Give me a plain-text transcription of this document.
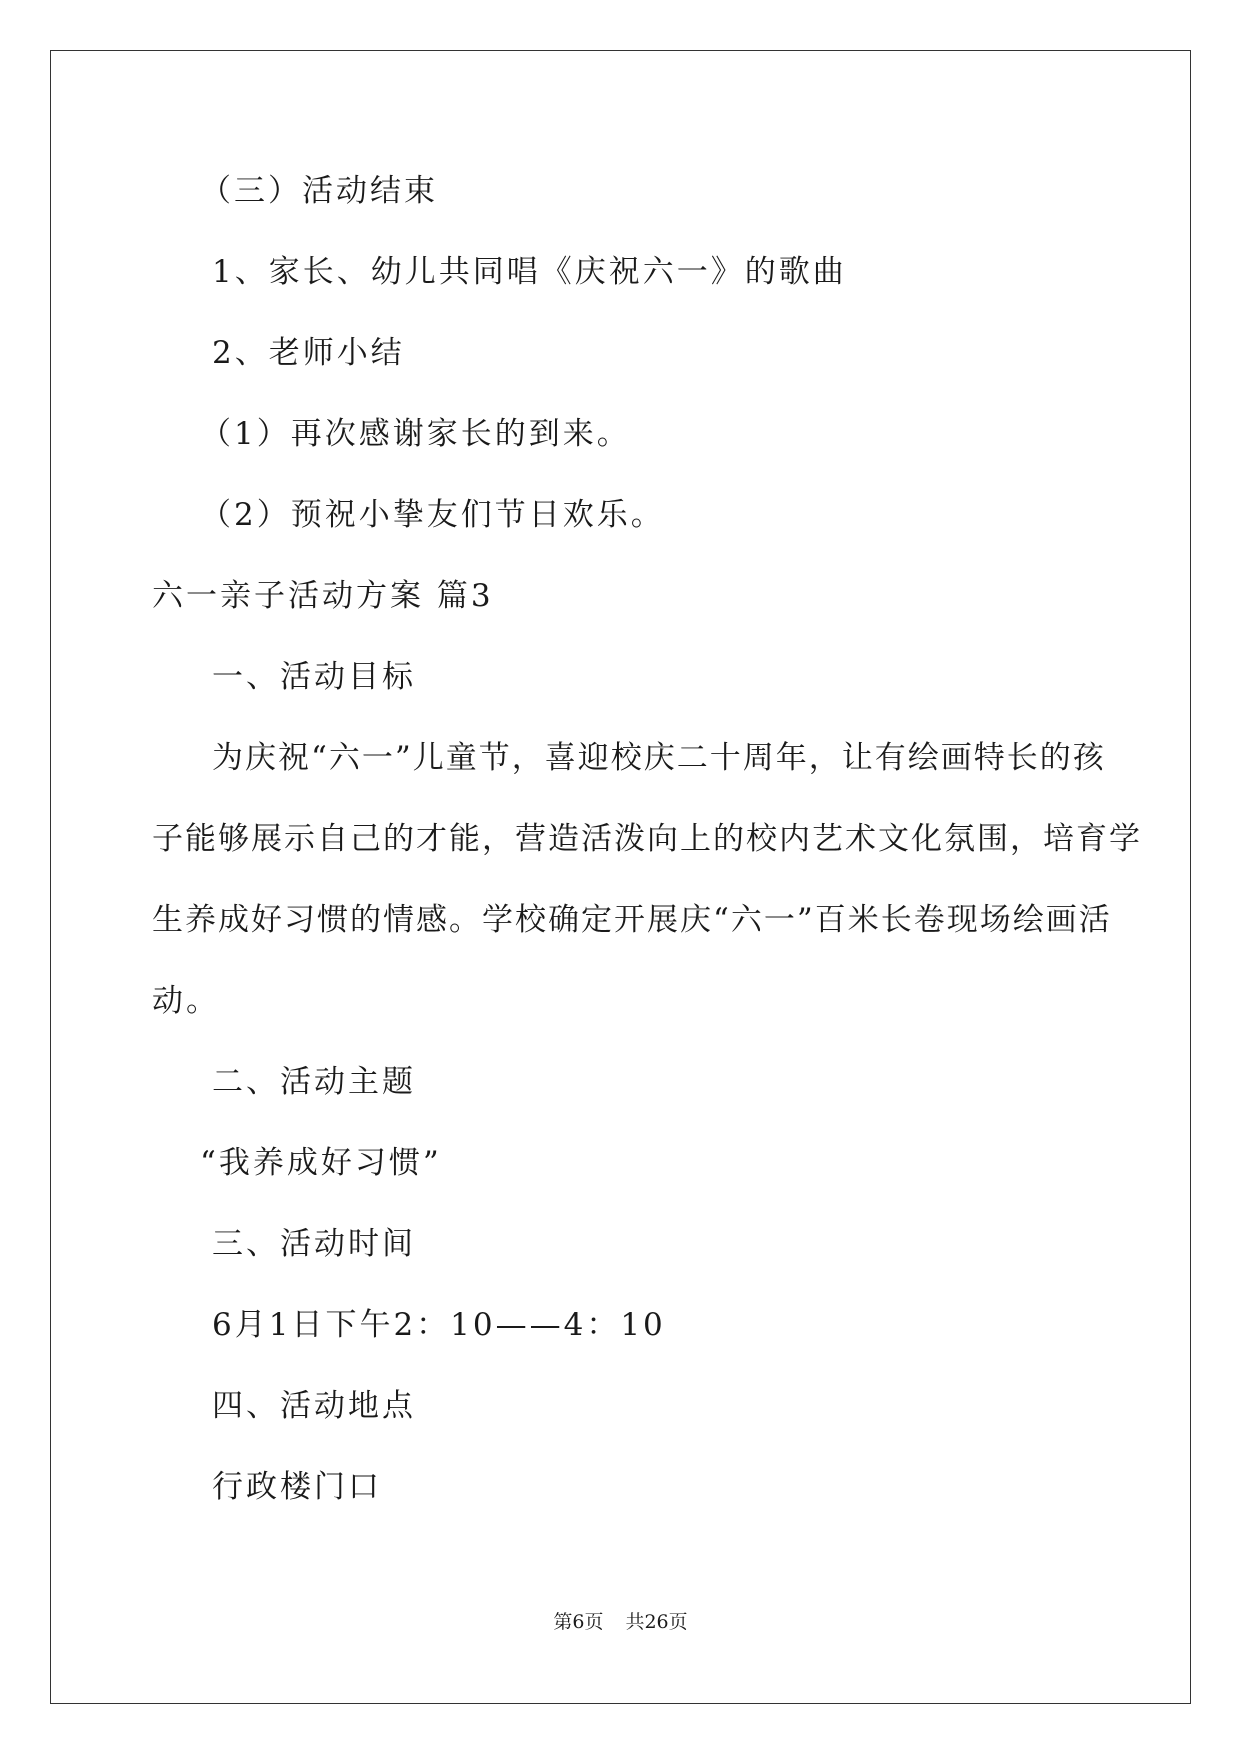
（三）活动结束
1、家长、幼儿共同唱《庆祝六一》的歌曲
2、老师小结
（1）再次感谢家长的到来。
（2）预祝小挚友们节日欢乐。
六一亲子活动方案 篇3
一、活动目标
为庆祝“六一”儿童节，喜迎校庆二十周年，让有绘画特长的孩
子能够展示自己的才能，营造活泼向上的校内艺术文化氛围，培育学
生养成好习惯的情感。学校确定开展庆“六一”百米长卷现场绘画活
动。
二、活动主题
“我养成好习惯”
三、活动时间
6月1日下午2：10——4：10
四、活动地点
行政楼门口
第6页 共26页
